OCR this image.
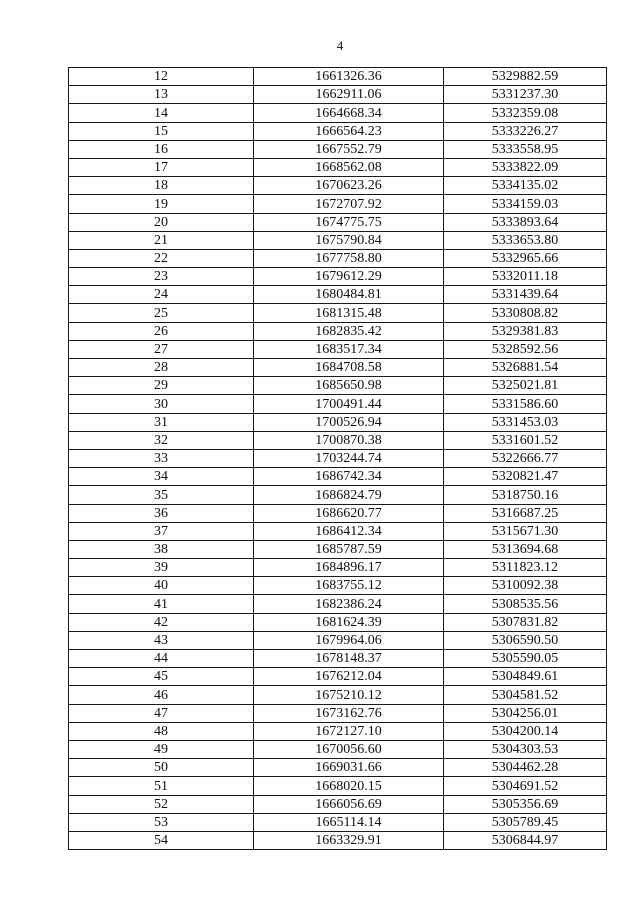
4
12	1661326.36	5329882.59
13	1662911.06	5331237.30
14	1664668.34	5332359.08
15	1666564.23	5333226.27
16	1667552.79	5333558.95
17	1668562.08	5333822.09
18	1670623.26	5334135.02
19	1672707.92	5334159.03
20	1674775.75	5333893.64
21	1675790.84	5333653.80
22	1677758.80	5332965.66
23	1679612.29	5332011.18
24	1680484.81	5331439.64
25	1681315.48	5330808.82
26	1682835.42	5329381.83
27	1683517.34	5328592.56
28	1684708.58	5326881.54
29	1685650.98	5325021.81
30	1700491.44	5331586.60
31	1700526.94	5331453.03
32	1700870.38	5331601.52
33	1703244.74	5322666.77
34	1686742.34	5320821.47
35	1686824.79	5318750.16
36	1686620.77	5316687.25
37	1686412.34	5315671.30
38	1685787.59	5313694.68
39	1684896.17	5311823.12
40	1683755.12	5310092.38
41	1682386.24	5308535.56
42	1681624.39	5307831.82
43	1679964.06	5306590.50
44	1678148.37	5305590.05
45	1676212.04	5304849.61
46	1675210.12	5304581.52
47	1673162.76	5304256.01
48	1672127.10	5304200.14
49	1670056.60	5304303.53
50	1669031.66	5304462.28
51	1668020.15	5304691.52
52	1666056.69	5305356.69
53	1665114.14	5305789.45
54	1663329.91	5306844.97
